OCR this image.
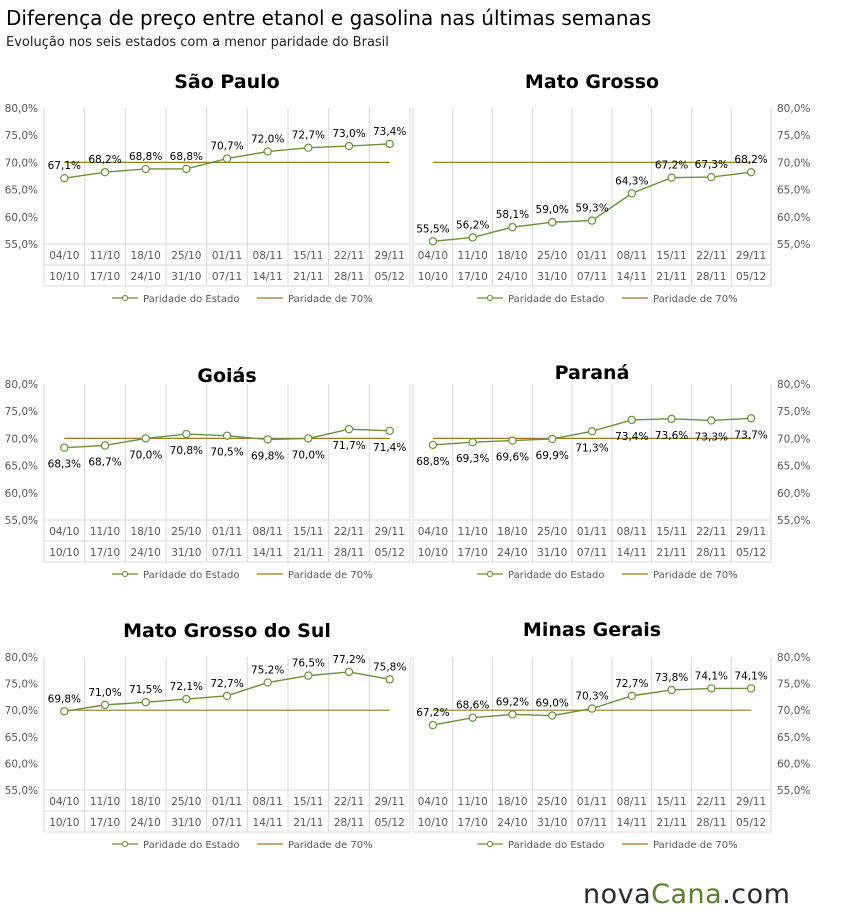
Diferença de preço entre etanol e gasolina nas últimas semanas
Evolução nos seis estados com a menor paridade do Brasil
São Paulo
80,0%
75,0%
70,0%
65,0%
60,0%
55,0%
04/10 11/10 18/10 25/10 01/11 08/11 15/11 22/11 29/11
10/10 17/10 24/10 31/10 07/11 14/11 21/11 28/11 05/12
67,1% 68,2% 68,8% 68,8%
70,7%
72,0% 72,7% 73,0% 73,4%
Paridade do Estado	Paridade de 70%
Mato Grosso
80,0%
75,0%
70,0%
65,0%
60,0%
55,0%
04/10 11/10 18/10 25/10 01/11 08/11 15/11 22/11 29/11
10/10 17/10 24/10 31/10 07/11 14/11 21/11 28/11 05/12
55,5% 56,2%
58,1% 59,0% 59,3%
64,3%
67,2% 67,3% 68,2%
Paridade do Estado	Paridade de 70%
Goiás
80,0%
75,0%
70,0%
65,0%
60,0%
55,0%
04/10 11/10 18/10 25/10 01/11 08/11 15/11 22/11 29/11
10/10 17/10 24/10 31/10 07/11 14/11 21/11 28/11 05/12
68,3% 68,7%
70,0% 70,8% 70,5% 69,8% 70,0%
71,7% 71,4%
Paridade do Estado	Paridade de 70%
Paraná
80,0%
75,0%
70,0%
65,0%
60,0%
55,0%
04/10 11/10 18/10 25/10 01/11 08/11 15/11 22/11 29/11
10/10 17/10 24/10 31/10 07/11 14/11 21/11 28/11 05/12
68,8% 69,3% 69,6% 69,9%
71,3%
73,4% 73,6% 73,3% 73,7%
Paridade do Estado	Paridade de 70%
Mato Grosso do Sul
80,0%
75,0%
70,0%
65,0%
60,0%
55,0%
04/10 11/10 18/10 25/10 01/11 08/11 15/11 22/11 29/11
10/10 17/10 24/10 31/10 07/11 14/11 21/11 28/11 05/12
69,8%
71,0% 71,5% 72,1% 72,7%
75,2%
76,5% 77,2%
75,8%
Paridade do Estado	Paridade de 70%
Minas Gerais
80,0%
75,0%
70,0%
65,0%
60,0%
55,0%
04/10 11/10 18/10 25/10 01/11 08/11 15/11 22/11 29/11
10/10 17/10 24/10 31/10 07/11 14/11 21/11 28/11 05/12
67,2%
68,6% 69,2% 69,0%
70,3%
72,7% 73,8% 74,1% 74,1%
Paridade do Estado	Paridade de 70%
novaCana.com
